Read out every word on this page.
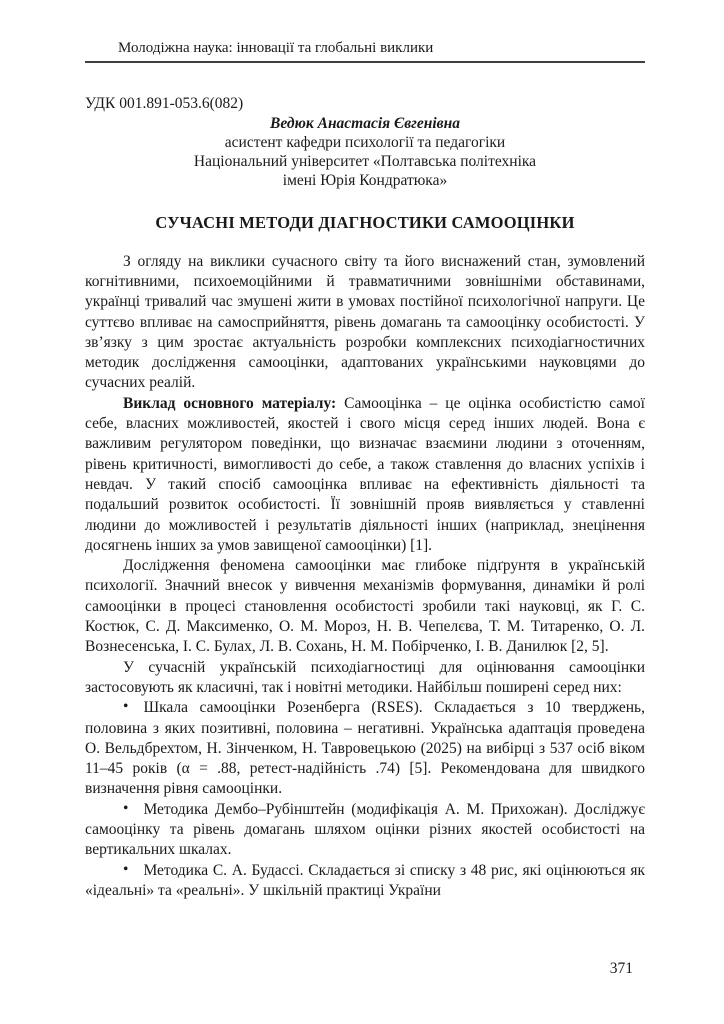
Молодіжна наука: інновації та глобальні виклики
УДК 001.891-053.6(082)
Ведюк Анастасія Євгенівна
асистент кафедри психології та педагогіки
Національний університет «Полтавська політехніка
імені Юрія Кондратюка»
СУЧАСНІ МЕТОДИ ДІАГНОСТИКИ САМООЦІНКИ

З огляду на виклики сучасного світу та його виснажений стан, зумовлений когнітивними, психоемоційними й травматичними зовнішніми обставинами, українці тривалий час змушені жити в умовах постійної психологічної напруги. Це суттєво впливає на самосприйняття, рівень домагань та самооцінку особистості. У зв’язку з цим зростає актуальність розробки комплексних психодіагностичних методик дослідження самооцінки, адаптованих українськими науковцями до сучасних реалій.

Виклад основного матеріалу: Самооцінка – це оцінка особистістю самої себе, власних можливостей, якостей і свого місця серед інших людей. Вона є важливим регулятором поведінки, що визначає взаємини людини з оточенням, рівень критичності, вимогливості до себе, а також ставлення до власних успіхів і невдач. У такий спосіб самооцінка впливає на ефективність діяльності та подальший розвиток особистості. Її зовнішній прояв виявляється у ставленні людини до можливостей і результатів діяльності інших (наприклад, знецінення досягнень інших за умов завищеної самооцінки) [1].

Дослідження феномена самооцінки має глибоке підґрунтя в українській психології. Значний внесок у вивчення механізмів формування, динаміки й ролі самооцінки в процесі становлення особистості зробили такі науковці, як Г. С. Костюк, С. Д. Максименко, О. М. Мороз, Н. В. Чепелєва, Т. М. Титаренко, О. Л. Вознесенська, І. С. Булах, Л. В. Сохань, Н. М. Побірченко, І. В. Данилюк [2, 5].

У сучасній українській психодіагностиці для оцінювання самооцінки застосовують як класичні, так і новітні методики. Найбільш поширені серед них:

• Шкала самооцінки Розенберга (RSES). Складається з 10 тверджень, половина з яких позитивні, половина – негативні. Українська адаптація проведена О. Вельдбрехтом, Н. Зінченком, Н. Тавровецькою (2025) на вибірці з 537 осіб віком 11–45 років (α = .88, ретест-надійність .74) [5]. Рекомендована для швидкого визначення рівня самооцінки.

• Методика Дембо–Рубінштейн (модифікація А. М. Прихожан). Досліджує самооцінку та рівень домагань шляхом оцінки різних якостей особистості на вертикальних шкалах.

• Методика С. А. Будассі. Складається зі списку з 48 рис, які оцінюються як «ідеальні» та «реальні». У шкільній практиці України

371
